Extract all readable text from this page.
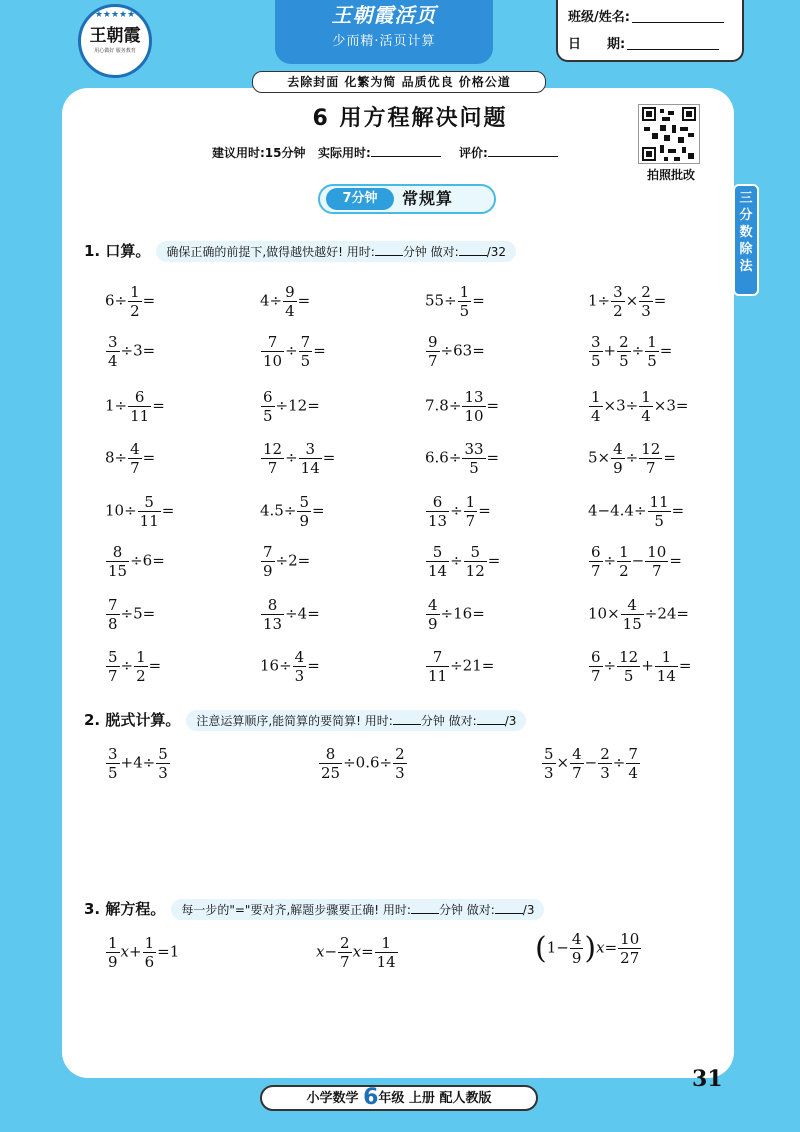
★★★★★
王朝霞
用心做好 服务教育
王朝霞活页
少而精·活页计算
班级/姓名:
日　　期:
去除封面 化繁为简 品质优良 价格公道
6 用方程解决问题
建议用时:15分钟 实际用时:	评价:
拍照批改
7分钟	常规算	三
分
数
除
法
1. 口算。 确保正确的前提下,做得越快越好! 用时: 分钟 做对: /32
$6\div \frac{1}{2}$ =	$4\div \frac{9}{4}$ =	$55\div \frac{1}{5}$ =	$1\div \frac{3}{2} \times \frac{2}{3}$ =
$\frac{3}{4} \div 3=$	$\frac{7}{10} \div \frac{7}{5}$ =	$\frac{9}{7} \div 63=$	$\frac{3}{5} + \frac{2}{5} \div \frac{1}{5}$ =
$1\div \frac{6}{11}$ =	$\frac{6}{5} \div 12=$	$7.8\div \frac{13}{10}$ =	$\frac{1}{4} \times 3\div \frac{1}{4} \times 3=$
$8\div \frac{4}{7}$ =	$\frac{12}{7} \div \frac{3}{14}$ =	$6.6\div \frac{33}{5}$ =	$5\times \frac{4}{9} \div \frac{12}{7}$ =
$10\div \frac{5}{11}$ =	$4.5\div \frac{5}{9}$ =	$\frac{6}{13} \div \frac{1}{7}$ =	$4-4.4\div \frac{11}{5}$ =
$\frac{8}{15} \div 6=$	$\frac{7}{9} \div 2=$	$\frac{5}{14} \div \frac{5}{12}$ =	$\frac{6}{7} \div \frac{1}{2} - \frac{10}{7}$ =
$\frac{7}{8} \div 5=$	$\frac{8}{13} \div 4=$	$\frac{4}{9} \div 16=$	$10\times \frac{4}{15} \div 24=$
$\frac{5}{7} \div \frac{1}{2}$ =	$16\div \frac{4}{3}$ =	$\frac{7}{11} \div 21=$	$\frac{6}{7} \div \frac{12}{5} + \frac{1}{14}$ =
2. 脱式计算。 注意运算顺序,能简算的要简算! 用时: 分钟 做对: /3
$\frac{3}{5} +4\div \frac{5}{3}$	$\frac{8}{25} \div 0.6\div \frac{2}{3}$	$\frac{5}{3} \times \frac{4}{7} - \frac{2}{3} \div \frac{7}{4}$
3. 解方程。 每一步的"="要对齐,解题步骤要正确! 用时: 分钟 做对: /3
$\frac{1}{9} x+ \frac{1}{6} =1$	$x- \frac{2}{7} x= \frac{1}{14}$	$(1- \frac{4}{9} )x= \frac{10}{27}$
31
小学数学 6年级 上册 配人教版
